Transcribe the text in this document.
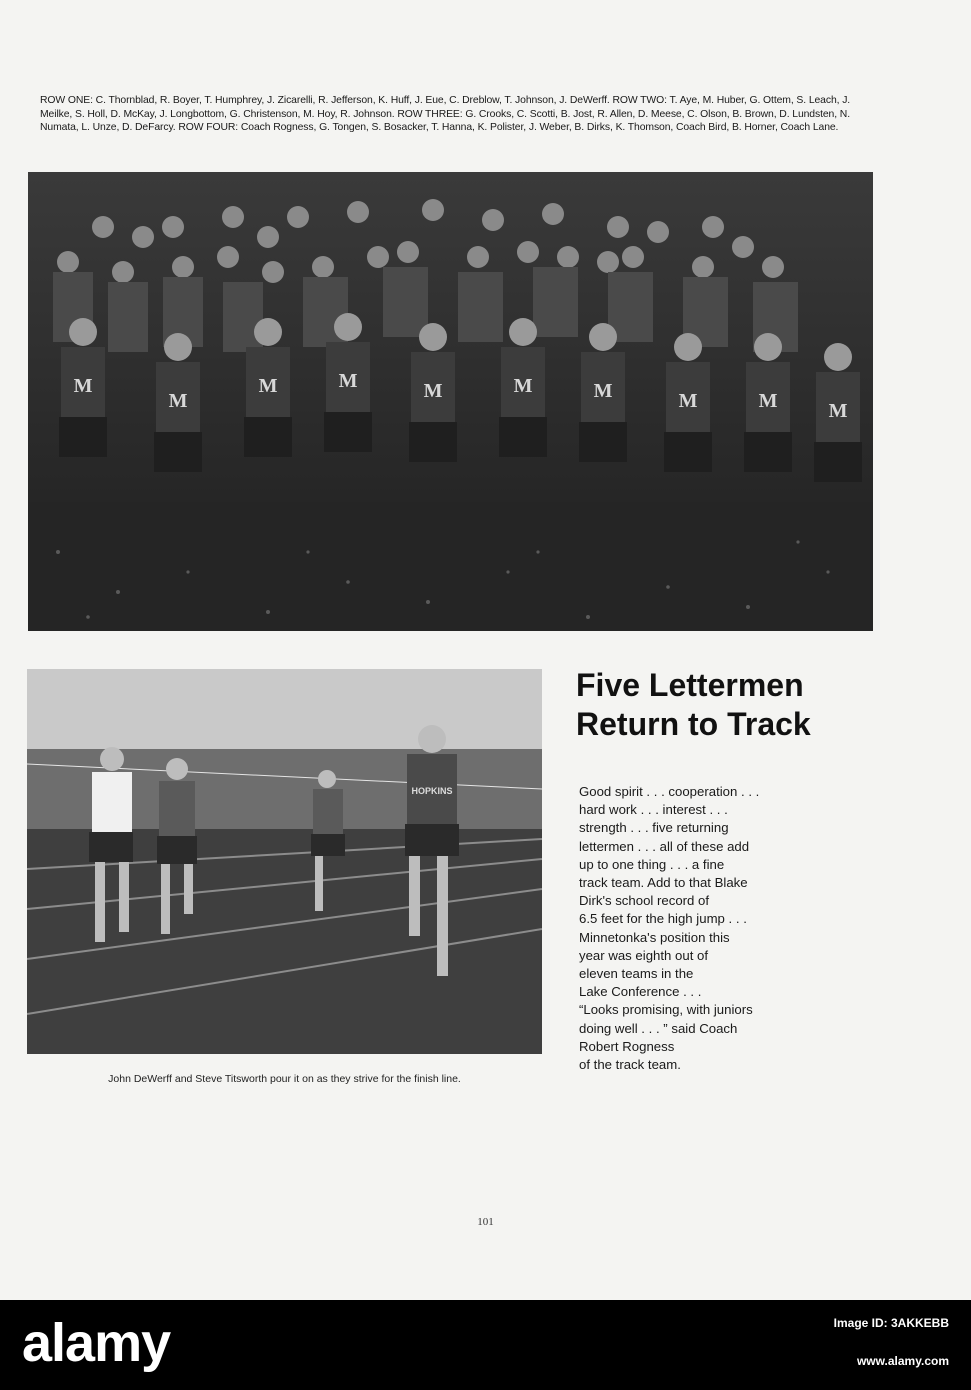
ROW ONE: C. Thornblad, R. Boyer, T. Humphrey, J. Zicarelli, R. Jefferson, K. Huff, J. Eue, C. Dreblow, T. Johnson, J. DeWerff. ROW TWO: T. Aye, M. Huber, G. Ottem, S. Leach, J. Meilke, S. Holl, D. McKay, J. Longbottom, G. Christenson, M. Hoy, R. Johnson. ROW THREE: G. Crooks, C. Scotti, B. Jost, R. Allen, D. Meese, C. Olson, B. Brown, D. Lundsten, N. Numata, L. Unze, D. DeFarcy. ROW FOUR: Coach Rogness, G. Tongen, S. Bosacker, T. Hanna, K. Polister, J. Weber, B. Dirks, K. Thomson, Coach Bird, B. Horner, Coach Lane.
M
M
M	M	M	M	M	M	M	M
HOPKINS
John DeWerff and Steve Titsworth pour it on as they strive for the finish line.
Five Lettermen
Return to Track
Good spirit . . . cooperation . . .
hard work . . . interest . . .
strength . . . five returning
lettermen . . . all of these add
up to one thing . . . a fine
track team. Add to that Blake
Dirk's school record of
6.5 feet for the high jump . . .
Minnetonka's position this
year was eighth out of
eleven teams in the
Lake Conference . . .
“Looks promising, with juniors
doing well . . . ” said Coach
Robert Rogness
of the track team.
101
alamy	Image ID: 3AKKEBB
www.alamy.com
